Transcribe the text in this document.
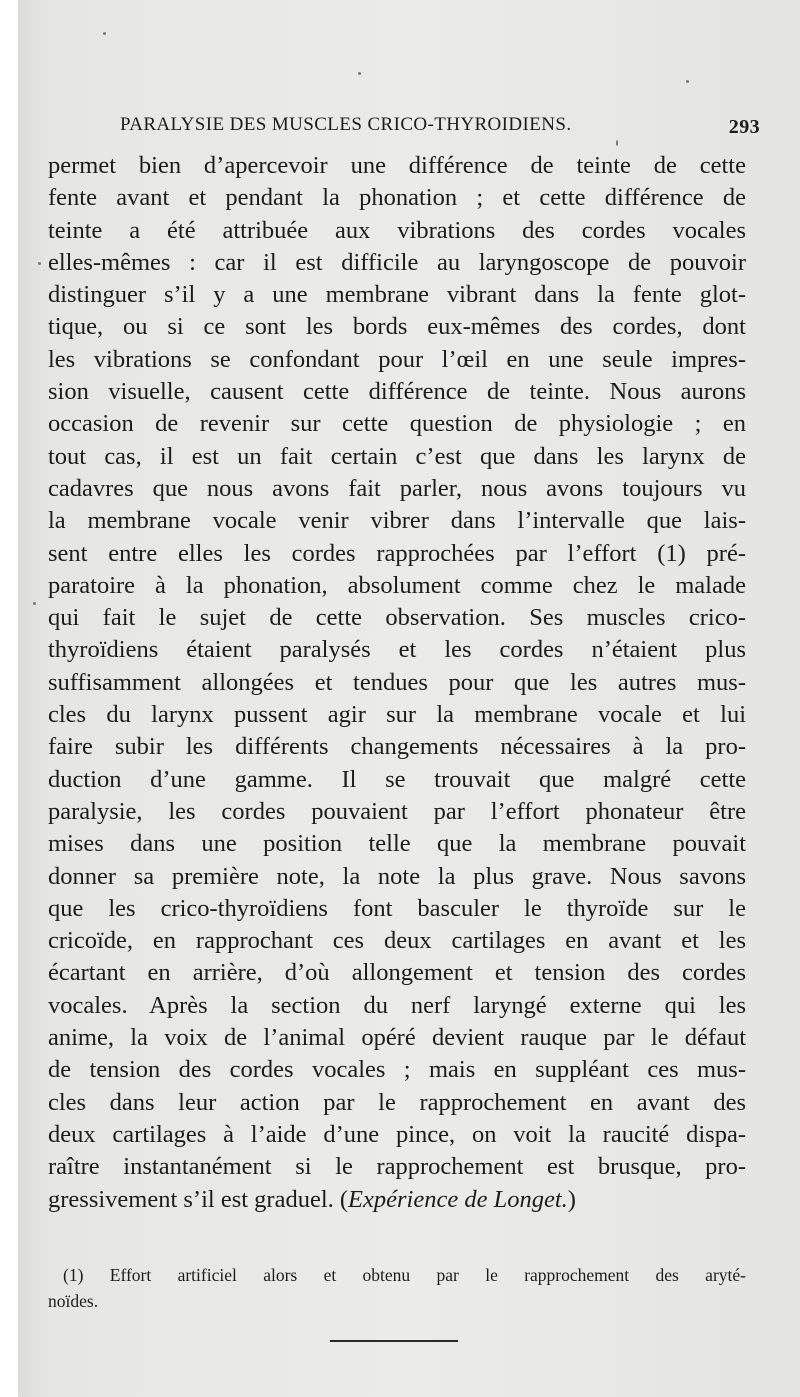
PARALYSIE DES MUSCLES CRICO-THYROIDIENS.	293
permet bien d’apercevoir une différence de teinte de cette
fente avant et pendant la phonation ; et cette différence de
teinte a été attribuée aux vibrations des cordes vocales
elles-mêmes : car il est difficile au laryngoscope de pouvoir
distinguer s’il y a une membrane vibrant dans la fente glot-
tique, ou si ce sont les bords eux-mêmes des cordes, dont
les vibrations se confondant pour l’œil en une seule impres-
sion visuelle, causent cette différence de teinte. Nous aurons
occasion de revenir sur cette question de physiologie ; en
tout cas, il est un fait certain c’est que dans les larynx de
cadavres que nous avons fait parler, nous avons toujours vu
la membrane vocale venir vibrer dans l’intervalle que lais-
sent entre elles les cordes rapprochées par l’effort (1) pré-
paratoire à la phonation, absolument comme chez le malade
qui fait le sujet de cette observation. Ses muscles crico-
thyroïdiens étaient paralysés et les cordes n’étaient plus
suffisamment allongées et tendues pour que les autres mus-
cles du larynx pussent agir sur la membrane vocale et lui
faire subir les différents changements nécessaires à la pro-
duction d’une gamme. Il se trouvait que malgré cette
paralysie, les cordes pouvaient par l’effort phonateur être
mises dans une position telle que la membrane pouvait
donner sa première note, la note la plus grave. Nous savons
que les crico-thyroïdiens font basculer le thyroïde sur le
cricoïde, en rapprochant ces deux cartilages en avant et les
écartant en arrière, d’où allongement et tension des cordes
vocales. Après la section du nerf laryngé externe qui les
anime, la voix de l’animal opéré devient rauque par le défaut
de tension des cordes vocales ; mais en suppléant ces mus-
cles dans leur action par le rapprochement en avant des
deux cartilages à l’aide d’une pince, on voit la raucité dispa-
raître instantanément si le rapprochement est brusque, pro-
gressivement s’il est graduel. (Expérience de Longet.)
(1) Effort artificiel alors et obtenu par le rapprochement des aryté-
noïdes.
